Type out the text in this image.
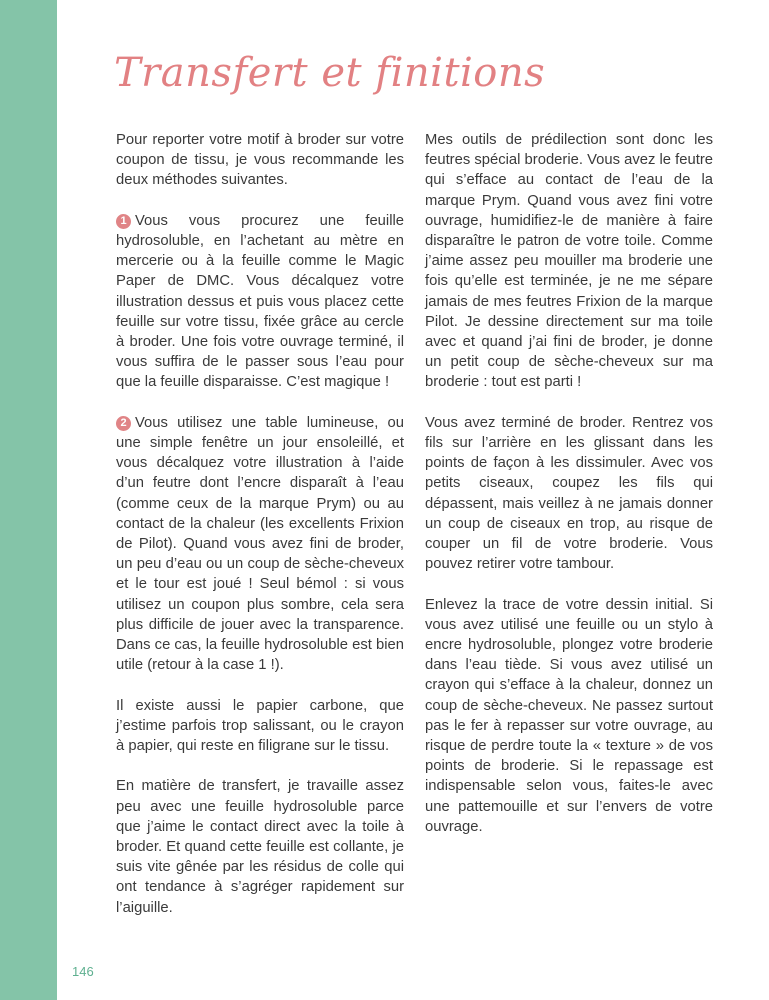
Transfert et finitions

Pour reporter votre motif à broder sur votre coupon de tissu, je vous recommande les deux méthodes suivantes.

1 Vous vous procurez une feuille hydrosoluble, en l’achetant au mètre en mercerie ou à la feuille comme le Magic Paper de DMC. Vous décalquez votre illustration dessus et puis vous placez cette feuille sur votre tissu, fixée grâce au cercle à broder. Une fois votre ouvrage terminé, il vous suffira de le passer sous l’eau pour que la feuille disparaisse. C’est magique !

2 Vous utilisez une table lumineuse, ou une simple fenêtre un jour ensoleillé, et vous décalquez votre illustration à l’aide d’un feutre dont l’encre disparaît à l’eau (comme ceux de la marque Prym) ou au contact de la chaleur (les excellents Frixion de Pilot). Quand vous avez fini de broder, un peu d’eau ou un coup de sèche-cheveux et le tour est joué ! Seul bémol : si vous utilisez un coupon plus sombre, cela sera plus difficile de jouer avec la transparence. Dans ce cas, la feuille hydrosoluble est bien utile (retour à la case 1 !).

Il existe aussi le papier carbone, que j’estime parfois trop salissant, ou le crayon à papier, qui reste en filigrane sur le tissu.

En matière de transfert, je travaille assez peu avec une feuille hydrosoluble parce que j’aime le contact direct avec la toile à broder. Et quand cette feuille est collante, je suis vite gênée par les résidus de colle qui ont tendance à s’agréger rapidement sur l’aiguille.

Mes outils de prédilection sont donc les feutres spécial broderie. Vous avez le feutre qui s’efface au contact de l’eau de la marque Prym. Quand vous avez fini votre ouvrage, humidifiez-le de manière à faire disparaître le patron de votre toile. Comme j’aime assez peu mouiller ma broderie une fois qu’elle est terminée, je ne me sépare jamais de mes feutres Frixion de la marque Pilot. Je dessine directement sur ma toile avec et quand j’ai fini de broder, je donne un petit coup de sèche-cheveux sur ma broderie : tout est parti !

Vous avez terminé de broder. Rentrez vos fils sur l’arrière en les glissant dans les points de façon à les dissimuler. Avec vos petits ciseaux, coupez les fils qui dépassent, mais veillez à ne jamais donner un coup de ciseaux en trop, au risque de couper un fil de votre broderie. Vous pouvez retirer votre tambour.

Enlevez la trace de votre dessin initial. Si vous avez utilisé une feuille ou un stylo à encre hydrosoluble, plongez votre broderie dans l’eau tiède. Si vous avez utilisé un crayon qui s’efface à la chaleur, donnez un coup de sèche-cheveux. Ne passez surtout pas le fer à repasser sur votre ouvrage, au risque de perdre toute la « texture » de vos points de broderie. Si le repassage est indispensable selon vous, faites-le avec une pattemouille et sur l’envers de votre ouvrage.

146
